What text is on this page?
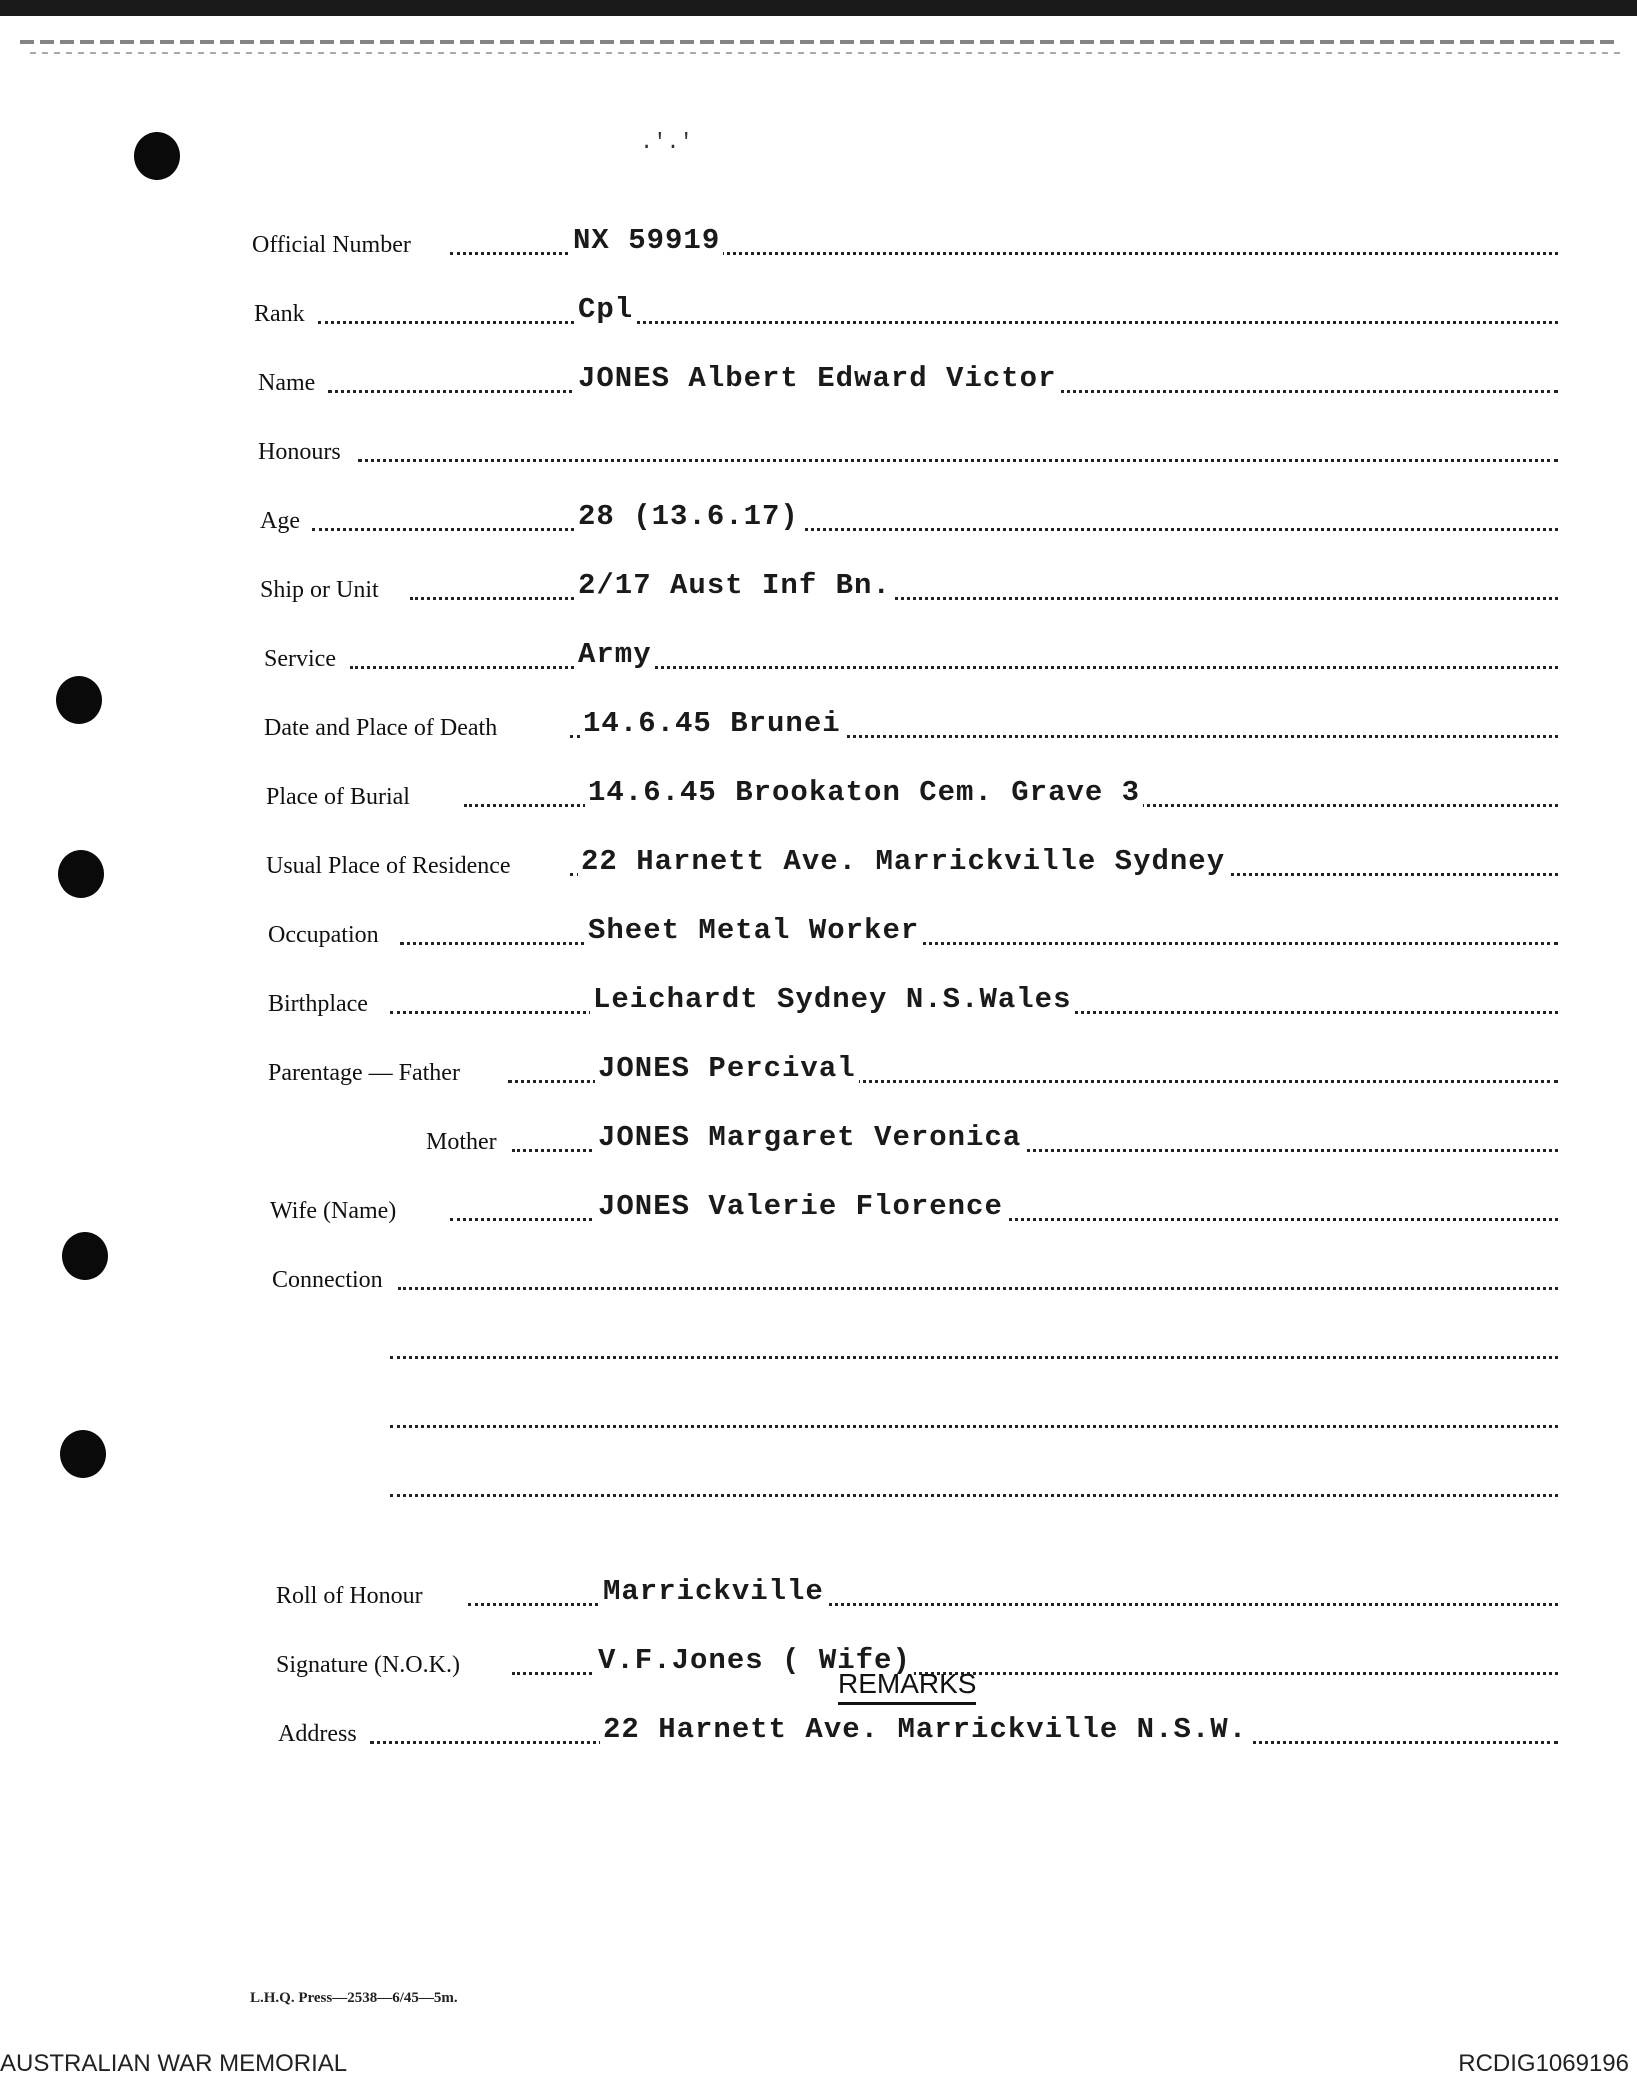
.'.'
Official Number	NX 59919
Rank	Cpl
Name	JONES Albert Edward Victor
Honours
Age	28 (13.6.17)
Ship or Unit	2/17 Aust Inf Bn.
Service	Army
Date and Place of Death	14.6.45 Brunei
Place of Burial	14.6.45 Brookaton Cem. Grave 3
Usual Place of Residence 22 Harnett Ave. Marrickville Sydney
Occupation	Sheet Metal Worker
Birthplace	Leichardt Sydney N.S.Wales
Parentage — Father	JONES Percival
Mother	JONES Margaret Veronica
Wife (Name)	JONES Valerie Florence
Connection
Roll of Honour	Marrickville
Signature (N.O.K.)	V.F.Jones ( Wife)
Address	22 Harnett Ave. Marrickville N.S.W.
REMARKS
L.H.Q. Press—2538—6/45—5m.
AUSTRALIAN WAR MEMORIAL	RCDIG1069196
